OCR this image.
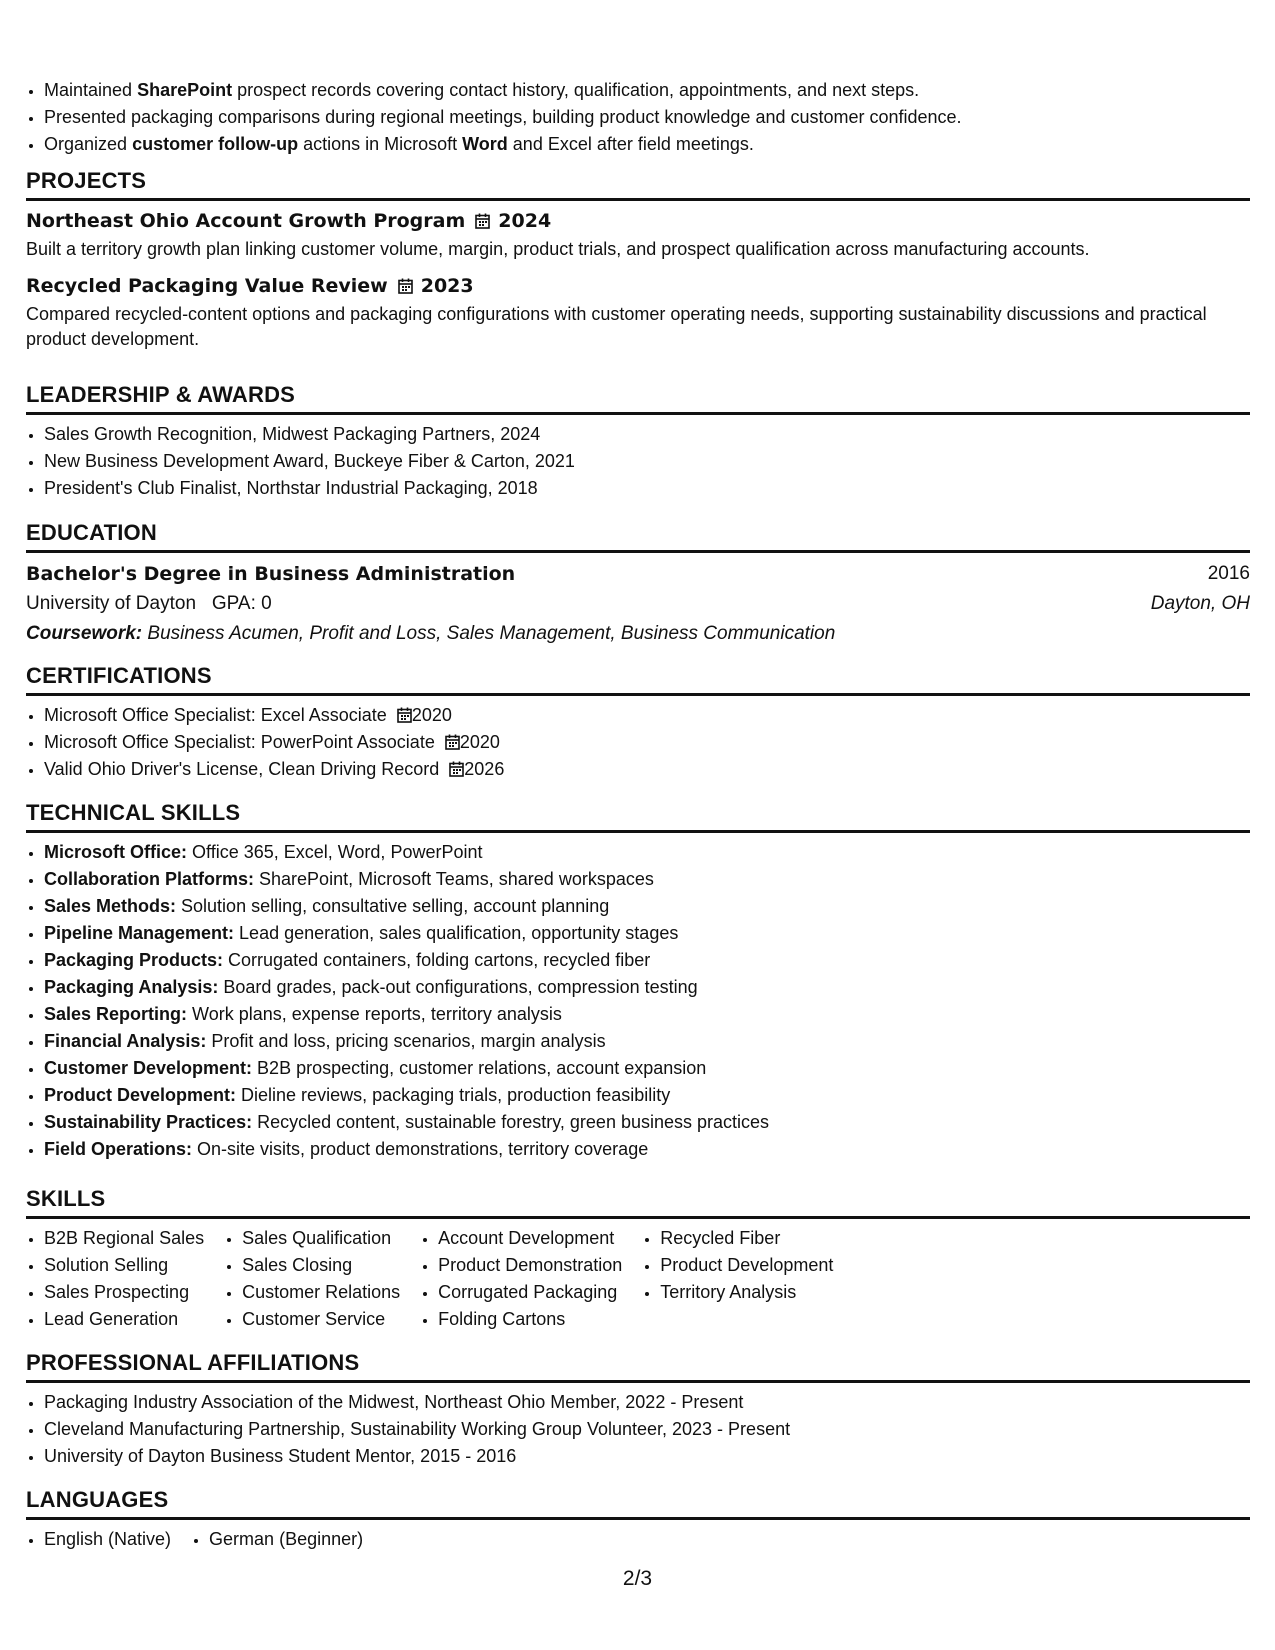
• Maintained SharePoint prospect records covering contact history, qualification, appointments, and next steps.
• Presented packaging comparisons during regional meetings, building product knowledge and customer confidence.
• Organized customer follow-up actions in Microsoft Word and Excel after field meetings.
PROJECTS
Northeast Ohio Account Growth Program 2024
Built a territory growth plan linking customer volume, margin, product trials, and prospect qualification across manufacturing accounts.
Recycled Packaging Value Review 2023
Compared recycled-content options and packaging configurations with customer operating needs, supporting sustainability discussions and practical product development.
LEADERSHIP & AWARDS
• Sales Growth Recognition, Midwest Packaging Partners, 2024
• New Business Development Award, Buckeye Fiber & Carton, 2021
• President's Club Finalist, Northstar Industrial Packaging, 2018
EDUCATION
Bachelor's Degree in Business Administration	2016
University of Dayton GPA: 0	Dayton, OH
Coursework: Business Acumen, Profit and Loss, Sales Management, Business Communication
CERTIFICATIONS
• Microsoft Office Specialist: Excel Associate 2020
• Microsoft Office Specialist: PowerPoint Associate 2020
• Valid Ohio Driver's License, Clean Driving Record 2026
TECHNICAL SKILLS
• Microsoft Office: Office 365, Excel, Word, PowerPoint
• Collaboration Platforms: SharePoint, Microsoft Teams, shared workspaces
• Sales Methods: Solution selling, consultative selling, account planning
• Pipeline Management: Lead generation, sales qualification, opportunity stages
• Packaging Products: Corrugated containers, folding cartons, recycled fiber
• Packaging Analysis: Board grades, pack-out configurations, compression testing
• Sales Reporting: Work plans, expense reports, territory analysis
• Financial Analysis: Profit and loss, pricing scenarios, margin analysis
• Customer Development: B2B prospecting, customer relations, account expansion
• Product Development: Dieline reviews, packaging trials, production feasibility
• Sustainability Practices: Recycled content, sustainable forestry, green business practices
• Field Operations: On-site visits, product demonstrations, territory coverage
SKILLS
• B2B Regional Sales
• Solution Selling
• Sales Prospecting
• Lead Generation
• Sales Qualification
• Sales Closing
• Customer Relations
• Customer Service
• Account Development
• Product Demonstration
• Corrugated Packaging
• Folding Cartons
• Recycled Fiber
• Product Development
• Territory Analysis
PROFESSIONAL AFFILIATIONS
• Packaging Industry Association of the Midwest, Northeast Ohio Member, 2022 - Present
• Cleveland Manufacturing Partnership, Sustainability Working Group Volunteer, 2023 - Present
• University of Dayton Business Student Mentor, 2015 - 2016
LANGUAGES
• English (Native)
• German (Beginner)
2/3
